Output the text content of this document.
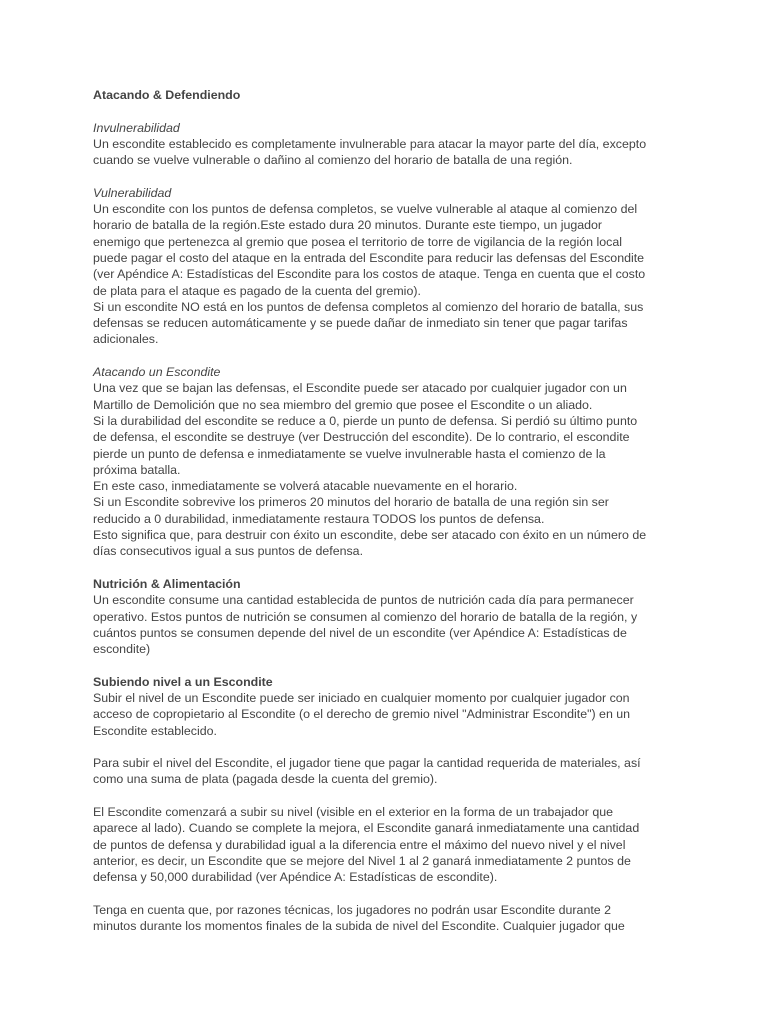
Atacando & Defendiendo

Invulnerabilidad

Un escondite establecido es completamente invulnerable para atacar la mayor parte del día, excepto
cuando se vuelve vulnerable o dañino al comienzo del horario de batalla de una región.

Vulnerabilidad

Un escondite con los puntos de defensa completos, se vuelve vulnerable al ataque al comienzo del
horario de batalla de la región.Este estado dura 20 minutos. Durante este tiempo, un jugador
enemigo que pertenezca al gremio que posea el territorio de torre de vigilancia de la región local
puede pagar el costo del ataque en la entrada del Escondite para reducir las defensas del Escondite
(ver Apéndice A: Estadísticas del Escondite para los costos de ataque. Tenga en cuenta que el costo
de plata para el ataque es pagado de la cuenta del gremio).
Si un escondite NO está en los puntos de defensa completos al comienzo del horario de batalla, sus
defensas se reducen automáticamente y se puede dañar de inmediato sin tener que pagar tarifas
adicionales.

Atacando un Escondite

Una vez que se bajan las defensas, el Escondite puede ser atacado por cualquier jugador con un
Martillo de Demolición que no sea miembro del gremio que posee el Escondite o un aliado.
Si la durabilidad del escondite se reduce a 0, pierde un punto de defensa. Si perdió su último punto
de defensa, el escondite se destruye (ver Destrucción del escondite). De lo contrario, el escondite
pierde un punto de defensa e inmediatamente se vuelve invulnerable hasta el comienzo de la
próxima batalla.
En este caso, inmediatamente se volverá atacable nuevamente en el horario.
Si un Escondite sobrevive los primeros 20 minutos del horario de batalla de una región sin ser
reducido a 0 durabilidad, inmediatamente restaura TODOS los puntos de defensa.
Esto significa que, para destruir con éxito un escondite, debe ser atacado con éxito en un número de
días consecutivos igual a sus puntos de defensa.

Nutrición & Alimentación

Un escondite consume una cantidad establecida de puntos de nutrición cada día para permanecer
operativo. Estos puntos de nutrición se consumen al comienzo del horario de batalla de la región, y
cuántos puntos se consumen depende del nivel de un escondite (ver Apéndice A: Estadísticas de
escondite)

Subiendo nivel a un Escondite

Subir el nivel de un Escondite puede ser iniciado en cualquier momento por cualquier jugador con
acceso de copropietario al Escondite (o el derecho de gremio nivel "Administrar Escondite") en un
Escondite establecido.

Para subir el nivel del Escondite, el jugador tiene que pagar la cantidad requerida de materiales, así
como una suma de plata (pagada desde la cuenta del gremio).

El Escondite comenzará a subir su nivel (visible en el exterior en la forma de un trabajador que
aparece al lado). Cuando se complete la mejora, el Escondite ganará inmediatamente una cantidad
de puntos de defensa y durabilidad igual a la diferencia entre el máximo del nuevo nivel y el nivel
anterior, es decir, un Escondite que se mejore del Nivel 1 al 2 ganará inmediatamente 2 puntos de
defensa y 50,000 durabilidad (ver Apéndice A: Estadísticas de escondite).

Tenga en cuenta que, por razones técnicas, los jugadores no podrán usar Escondite durante 2
minutos durante los momentos finales de la subida de nivel del Escondite. Cualquier jugador que
